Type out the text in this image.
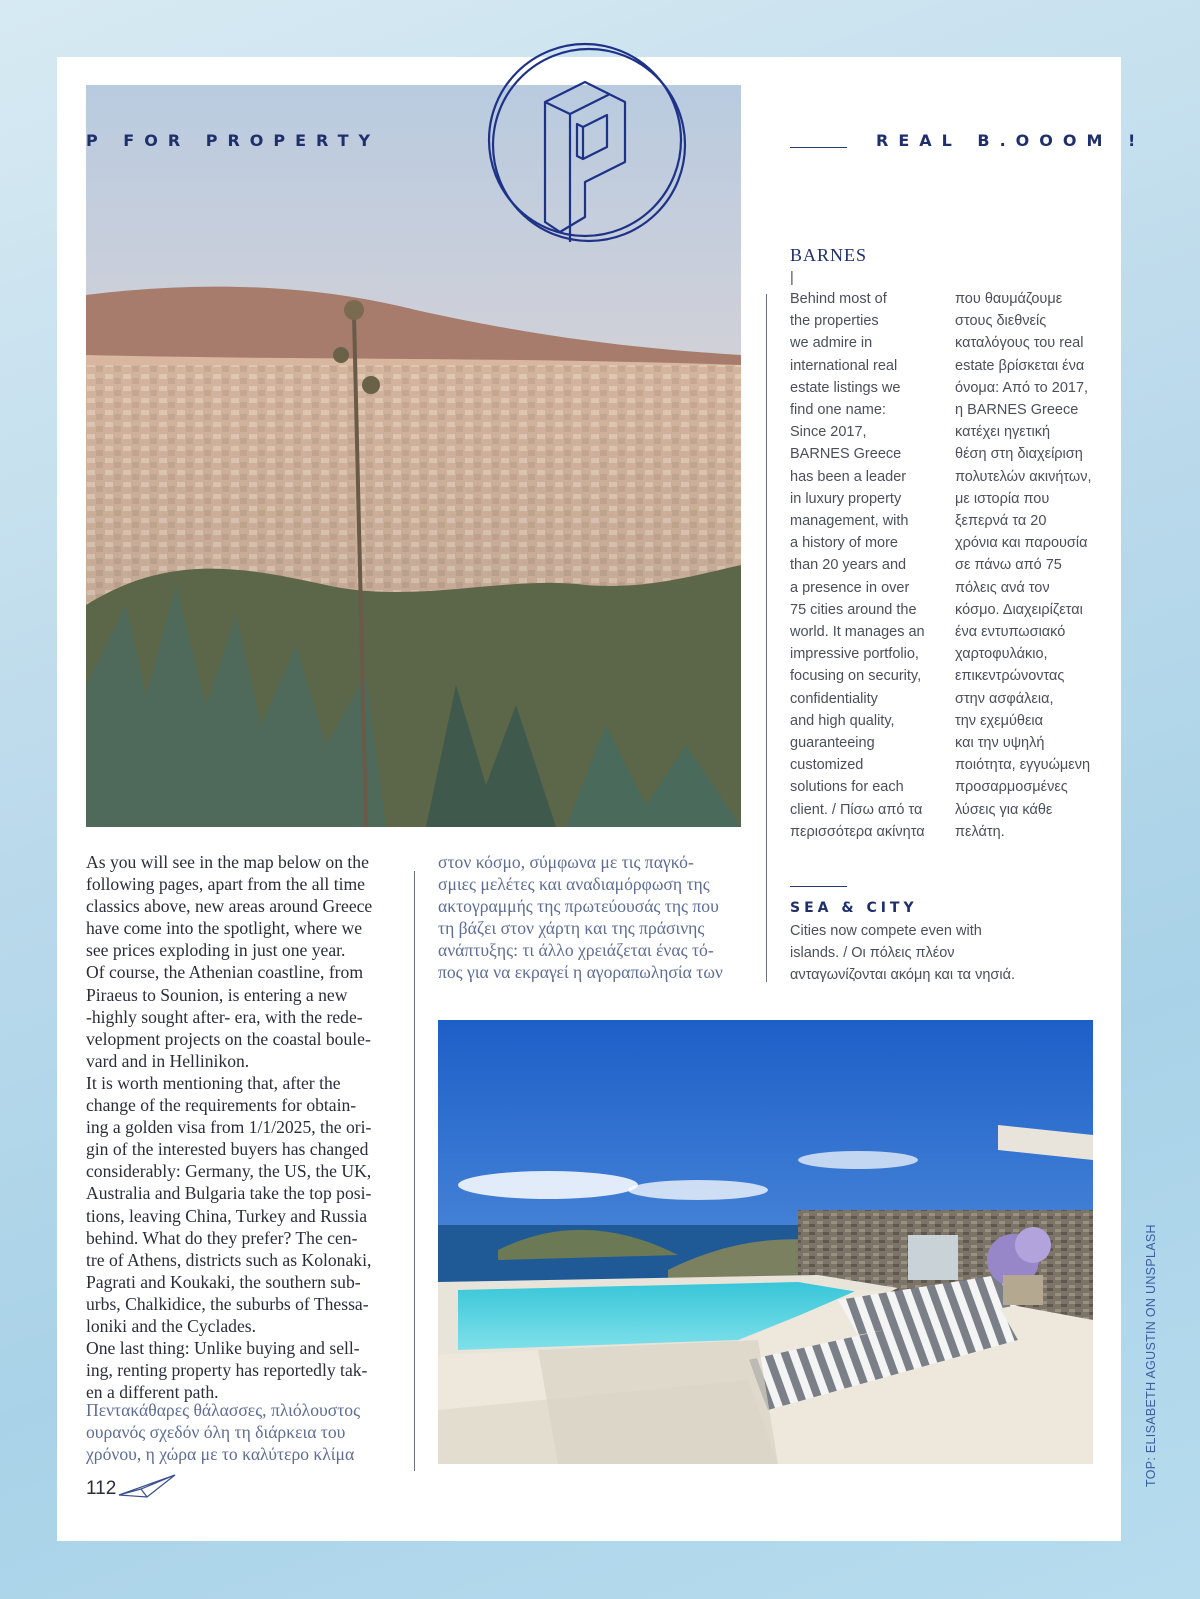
P FOR PROPERTY	REAL B.OOOM !
BARNES
|
Behind most of
the properties
we admire in
international real
estate listings we
find one name:
Since 2017,
BARNES Greece
has been a leader
in luxury property
management, with
a history of more
than 20 years and
a presence in over
75 cities around the
world. It manages an
impressive portfolio,
focusing on security,
confidentiality
and high quality,
guaranteeing
customized
solutions for each
client. / Πίσω από τα
περισσότερα ακίνητα
που θαυμάζουμε
στους διεθνείς
καταλόγους του real
estate βρίσκεται ένα
όνομα: Από το 2017,
η BARNES Greece
κατέχει ηγετική
θέση στη διαχείριση
πολυτελών ακινήτων,
με ιστορία που
ξεπερνά τα 20
χρόνια και παρουσία
σε πάνω από 75
πόλεις ανά τον
κόσμο. Διαχειρίζεται
ένα εντυπωσιακό
χαρτοφυλάκιο,
επικεντρώνοντας
στην ασφάλεια,
την εχεμύθεια
και την υψηλή
ποιότητα, εγγυώμενη
προσαρμοσμένες
λύσεις για κάθε
πελάτη.
SEA & CITY
Cities now compete even with
islands. / Οι πόλεις πλέον
ανταγωνίζονται ακόμη και τα νησιά.
As you will see in the map below on the
following pages, apart from the all time
classics above, new areas around Greece
have come into the spotlight, where we
see prices exploding in just one year.
Of course, the Athenian coastline, from
Piraeus to Sounion, is entering a new
-highly sought after- era, with the rede-
velopment projects on the coastal boule-
vard and in Hellinikon.
It is worth mentioning that, after the
change of the requirements for obtain-
ing a golden visa from 1/1/2025, the ori-
gin of the interested buyers has changed
considerably: Germany, the US, the UK,
Australia and Bulgaria take the top posi-
tions, leaving China, Turkey and Russia
behind. What do they prefer? The cen-
tre of Athens, districts such as Kolonaki,
Pagrati and Koukaki, the southern sub-
urbs, Chalkidice, the suburbs of Thessa-
loniki and the Cyclades.
One last thing: Unlike buying and sell-
ing, renting property has reportedly tak-
en a different path.
Πεντακάθαρες θάλασσες, πλιόλουστος
ουρανός σχεδόν όλη τη διάρκεια του
χρόνου, η χώρα με το καλύτερο κλίμα
στον κόσμο, σύμφωνα με τις παγκό-
σμιες μελέτες και αναδιαμόρφωση της
ακτογραμμής της πρωτεύουσάς της που
τη βάζει στον χάρτη και της πράσινης
ανάπτυξης: τι άλλο χρειάζεται ένας τό-
πος για να εκραγεί η αγοραπωλησία των
112
TOP: ELISABETH AGUSTIN ON UNSPLASH
